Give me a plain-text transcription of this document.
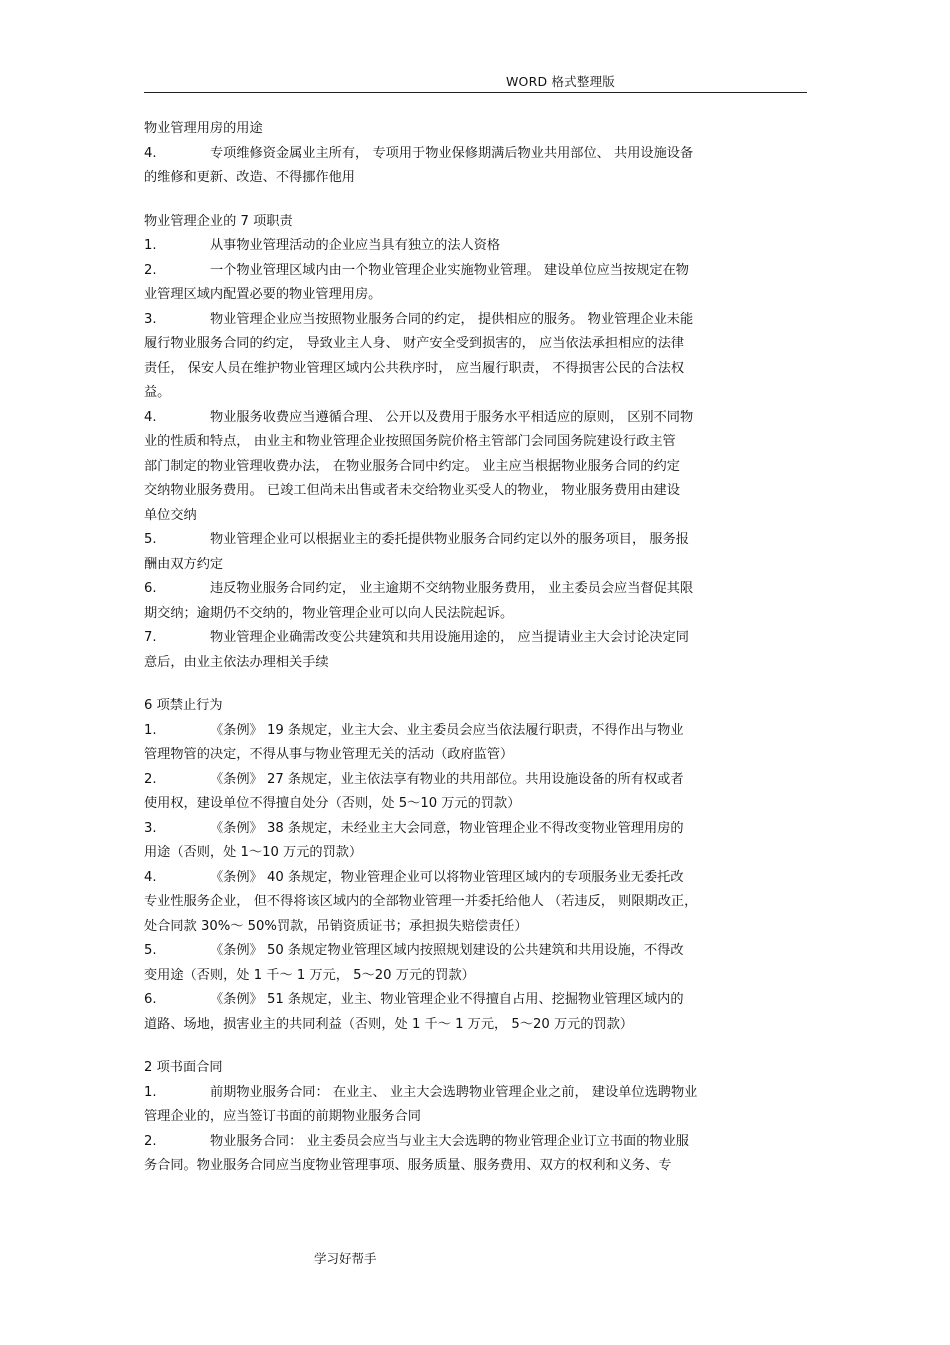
WORD 格式整理版
物业管理用房的用途
4.	专项维修资金属业主所有， 专项用于物业保修期满后物业共用部位、 共用设施设备
的维修和更新、改造、不得挪作他用
物业管理企业的 7 项职责
1.	从事物业管理活动的企业应当具有独立的法人资格
2.	一个物业管理区域内由一个物业管理企业实施物业管理。 建设单位应当按规定在物
业管理区域内配置必要的物业管理用房。
3.	物业管理企业应当按照物业服务合同的约定， 提供相应的服务。 物业管理企业未能
履行物业服务合同的约定， 导致业主人身、 财产安全受到损害的， 应当依法承担相应的法律
责任， 保安人员在维护物业管理区域内公共秩序时， 应当履行职责， 不得损害公民的合法权
益。
4.	物业服务收费应当遵循合理、 公开以及费用于服务水平相适应的原则， 区别不同物
业的性质和特点， 由业主和物业管理企业按照国务院价格主管部门会同国务院建设行政主管
部门制定的物业管理收费办法， 在物业服务合同中约定。 业主应当根据物业服务合同的约定
交纳物业服务费用。 已竣工但尚未出售或者未交给物业买受人的物业， 物业服务费用由建设
单位交纳
5.	物业管理企业可以根据业主的委托提供物业服务合同约定以外的服务项目， 服务报
酬由双方约定
6.	违反物业服务合同约定， 业主逾期不交纳物业服务费用， 业主委员会应当督促其限
期交纳；逾期仍不交纳的，物业管理企业可以向人民法院起诉。
7.	物业管理企业确需改变公共建筑和共用设施用途的， 应当提请业主大会讨论决定同
意后，由业主依法办理相关手续
6 项禁止行为
1.	《条例》 19 条规定，业主大会、业主委员会应当依法履行职责，不得作出与物业
管理物管的决定，不得从事与物业管理无关的活动（政府监管）
2.	《条例》 27 条规定，业主依法享有物业的共用部位。共用设施设备的所有权或者
使用权，建设单位不得擅自处分（否则，处 5～10 万元的罚款）
3.	《条例》 38 条规定，未经业主大会同意，物业管理企业不得改变物业管理用房的
用途（否则，处 1～10 万元的罚款）
4.	《条例》 40 条规定，物业管理企业可以将物业管理区域内的专项服务业无委托改
专业性服务企业， 但不得将该区域内的全部物业管理一并委托给他人 （若违反， 则限期改正，
处合同款 30%～ 50%罚款，吊销资质证书；承担损失赔偿责任）
5.	《条例》 50 条规定物业管理区域内按照规划建设的公共建筑和共用设施，不得改
变用途（否则，处 1 千～ 1 万元， 5～20 万元的罚款）
6.	《条例》 51 条规定，业主、物业管理企业不得擅自占用、挖掘物业管理区域内的
道路、场地，损害业主的共同利益（否则，处 1 千～ 1 万元， 5～20 万元的罚款）
2 项书面合同
1.	前期物业服务合同： 在业主、 业主大会选聘物业管理企业之前， 建设单位选聘物业
管理企业的，应当签订书面的前期物业服务合同
2.	物业服务合同： 业主委员会应当与业主大会选聘的物业管理企业订立书面的物业服
务合同。物业服务合同应当度物业管理事项、服务质量、服务费用、双方的权利和义务、专
学习好帮手
